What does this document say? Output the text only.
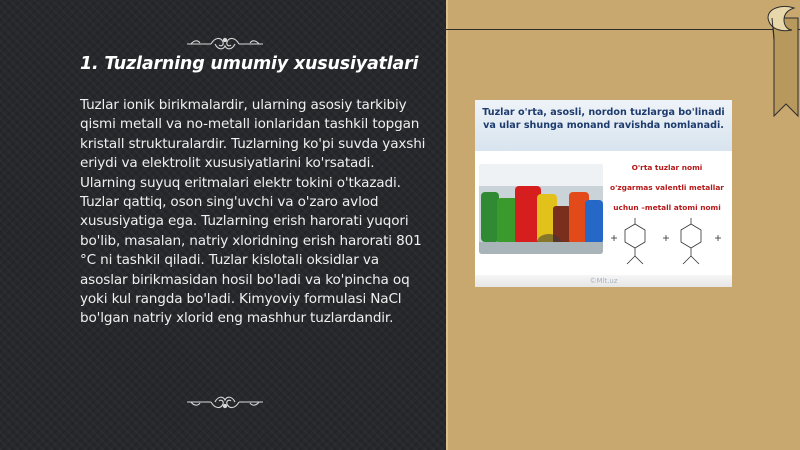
1. Tuzlarning umumiy xususiyatlari

Tuzlar ionik birikmalardir, ularning asosiy tarkibiy qismi metall va no-metall ionlaridan tashkil topgan kristall strukturalardir. Tuzlarning ko'pi suvda yaxshi eriydi va elektrolit xususiyatlarini ko'rsatadi. Ularning suyuq eritmalari elektr tokini o'tkazadi. Tuzlar qattiq, oson sing'uvchi va o'zaro avlod xususiyatiga ega. Tuzlarning erish harorati yuqori bo'lib, masalan, natriy xloridning erish harorati 801 °C ni tashkil qiladi. Tuzlar kislotali oksidlar va asoslar birikmasidan hosil bo'ladi va ko'pincha oq yoki kul rangda bo'ladi. Kimyoviy formulasi NaCl bo'lgan natriy xlorid eng mashhur tuzlardandir.

Tuzlar o'rta, asosli, nordon tuzlarga bo'linadi va ular shunga monand ravishda nomlanadi.

O'rta tuzlar nomi
o'zgarmas valentli metallar
uchun –metall atomi nomi
©Mlt.uz
